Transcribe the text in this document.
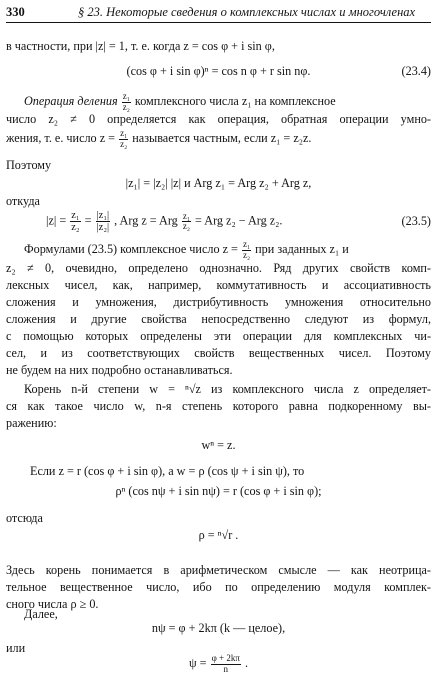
330	§ 23. Некоторые сведения о комплексных числах и многочленах
в частности, при |z| = 1, т. е. когда z = cos φ + i sin φ,
(cos φ + i sin φ)ⁿ = cos n φ + r sin nφ.	(23.4)
Операция деления $\frac{\text{z₁}}{\text{z₂}}$ комплексного числа z₁ на комплексное
число z₂ ≠ 0 определяется как операция, обратная операции умно-
жения, т. е. число $z = \frac{\text{z₁}}{\text{z₂}}$ называется частным, если z₁ = z₂z.
Поэтому
|z₁| = |z₂| |z| и Arg z₁ = Arg z₂ + Arg z,
откуда
$|z| = \frac{\text{z₁}}{\text{z₂}} = \frac{\text{|z₁|}}{\text{|z₂|}}$ , Arg z = Arg $\frac{\text{z₁}}{\text{z₂}}$ = Arg z₂ − Arg z₂.	(23.5)
Формулами (23.5) комплексное число $z = \frac{\text{z₁}}{\text{z₂}}$ при заданных z₁ и
z₂ ≠ 0, очевидно, определено однозначно. Ряд других свойств комп-
лексных чисел, как, например, коммутативность и ассоциативность
сложения и умножения, дистрибутивность умножения относительно
сложения и другие свойства непосредственно следуют из формул,
с помощью которых определены эти операции для комплексных чи-
сел, и из соответствующих свойств вещественных чисел. Поэтому
не будем на них подробно останавливаться.
Корень n-й степени w = ⁿ√z из комплексного числа z определяет-
ся как такое число w, n-я степень которого равна подкоренному вы-
ражению:
wⁿ = z.
Если z = r (cos φ + i sin φ), a w = ρ (cos ψ + i sin ψ), то
ρⁿ (cos nψ + i sin nψ) = r (cos φ + i sin φ);
отсюда
ρ = ⁿ√r .
Здесь корень понимается в арифметическом смысле — как неотрица-
тельное вещественное число, ибо по определению модуля комплек-
сного числа ρ ≥ 0.
Далее,
nψ = φ + 2kπ (k — целое),
или
$\psi = \frac{\varphi + 2k\pi}{n}$ .
